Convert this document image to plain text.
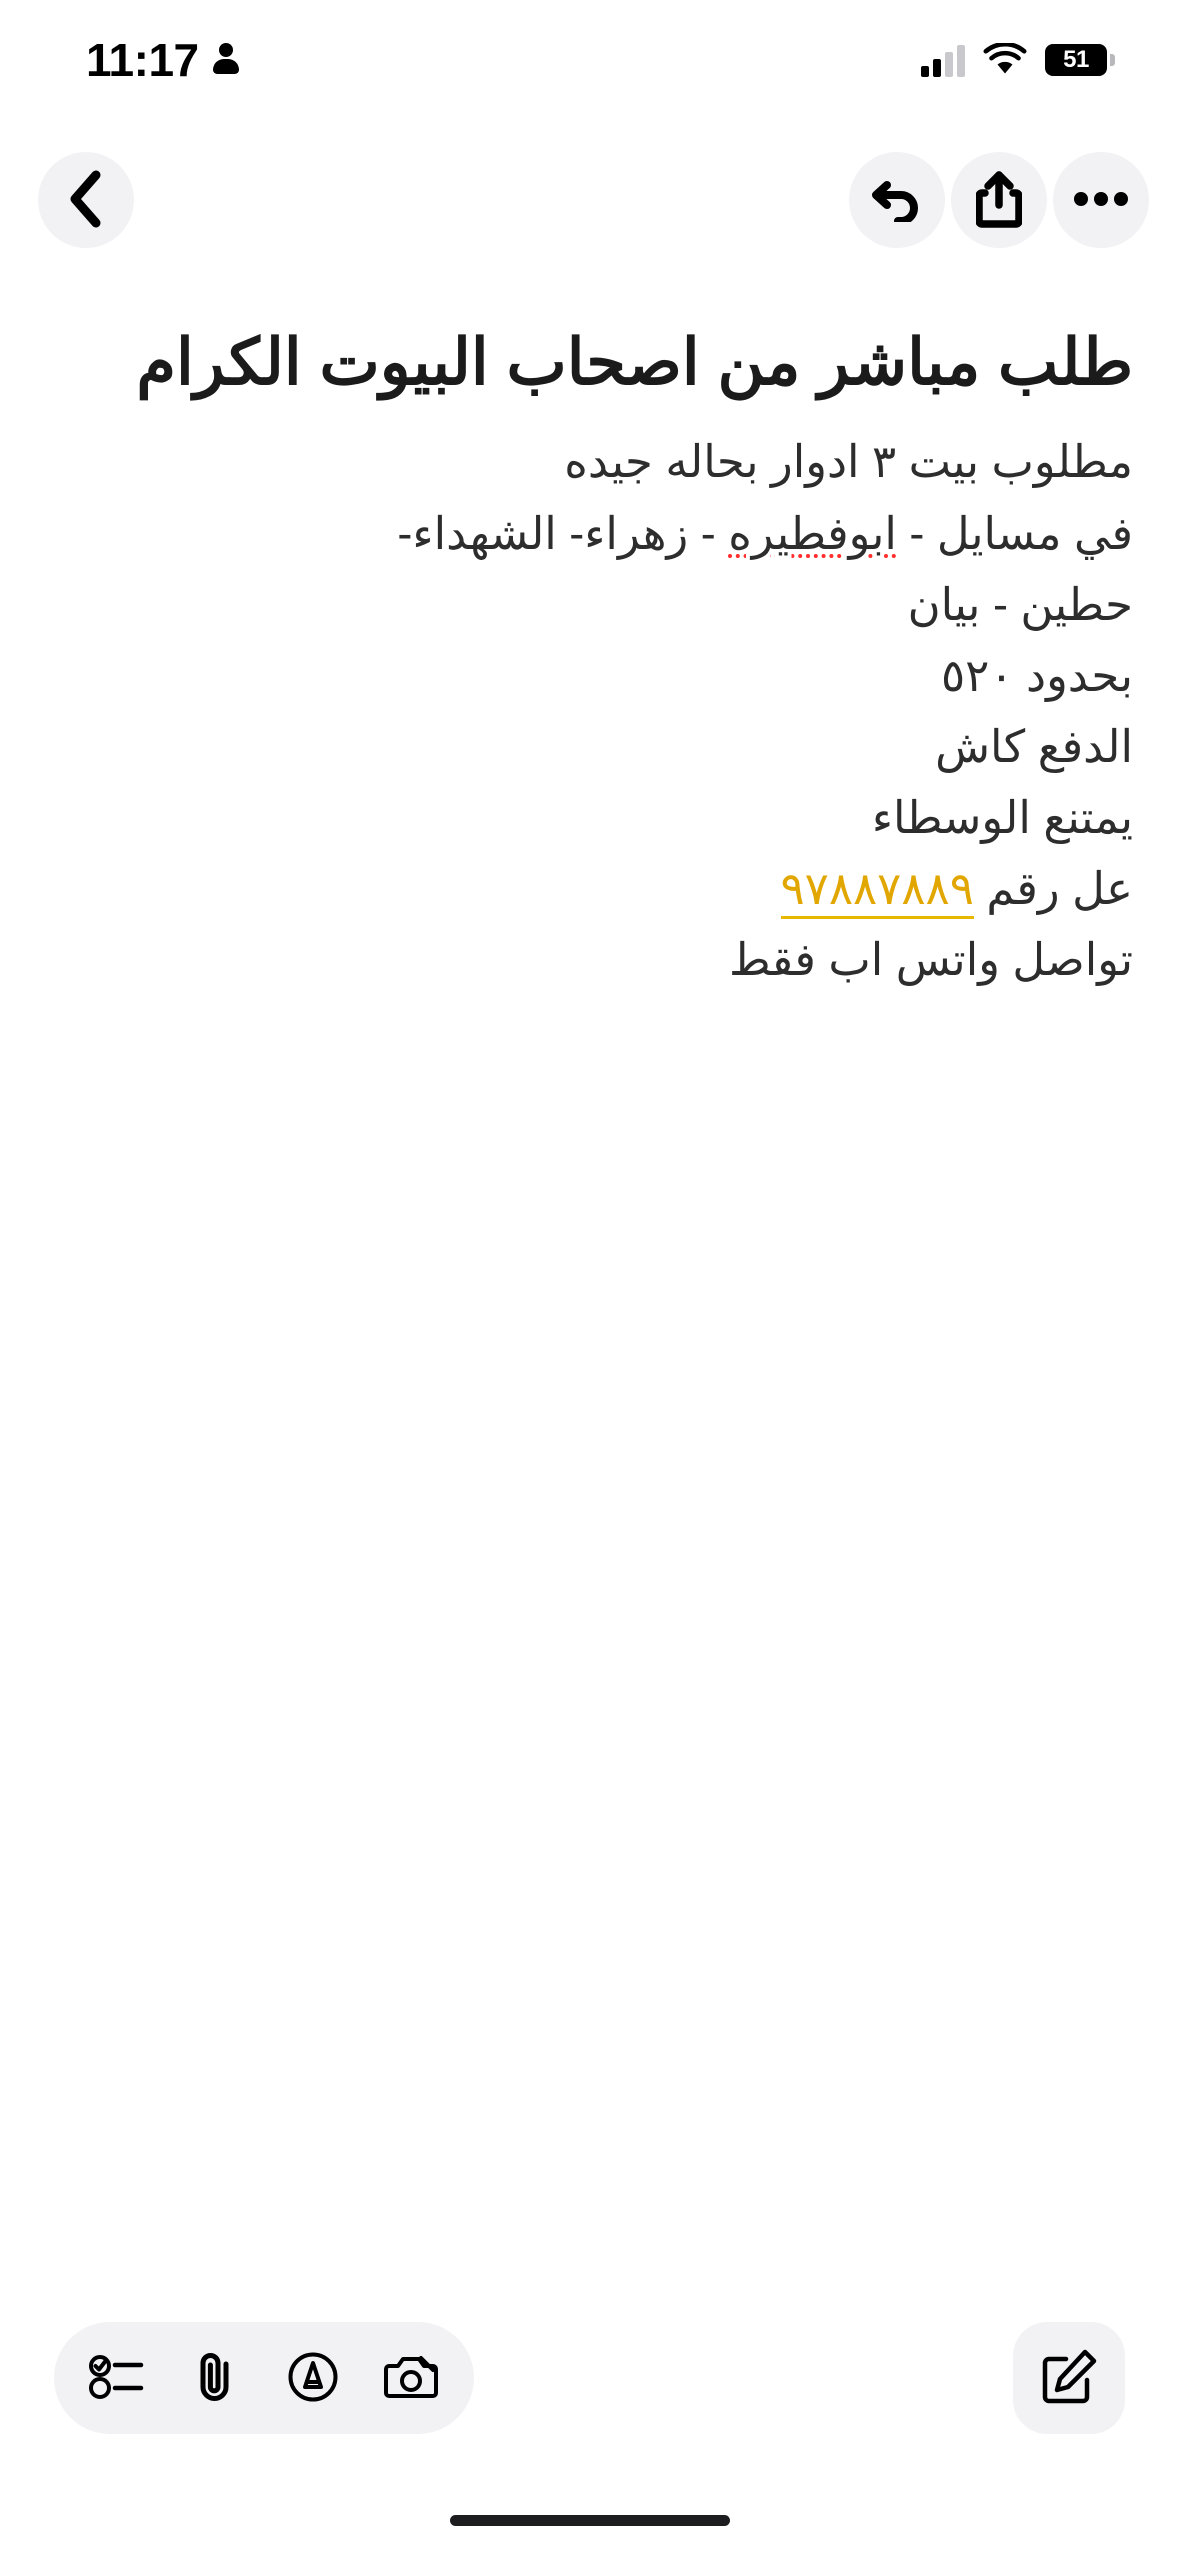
11:17	51
طلب مباشر من اصحاب البيوت الكرام
مطلوب بيت ٣ ادوار بحاله جيده
في مسايل - ابوفطيره - زهراء- الشهداء-
حطين - بيان
بحدود ٥٢٠
الدفع كاش
يمتنع الوسطاء
عل رقم ٩٧٨٨٧٨٨٩
تواصل واتس اب فقط
